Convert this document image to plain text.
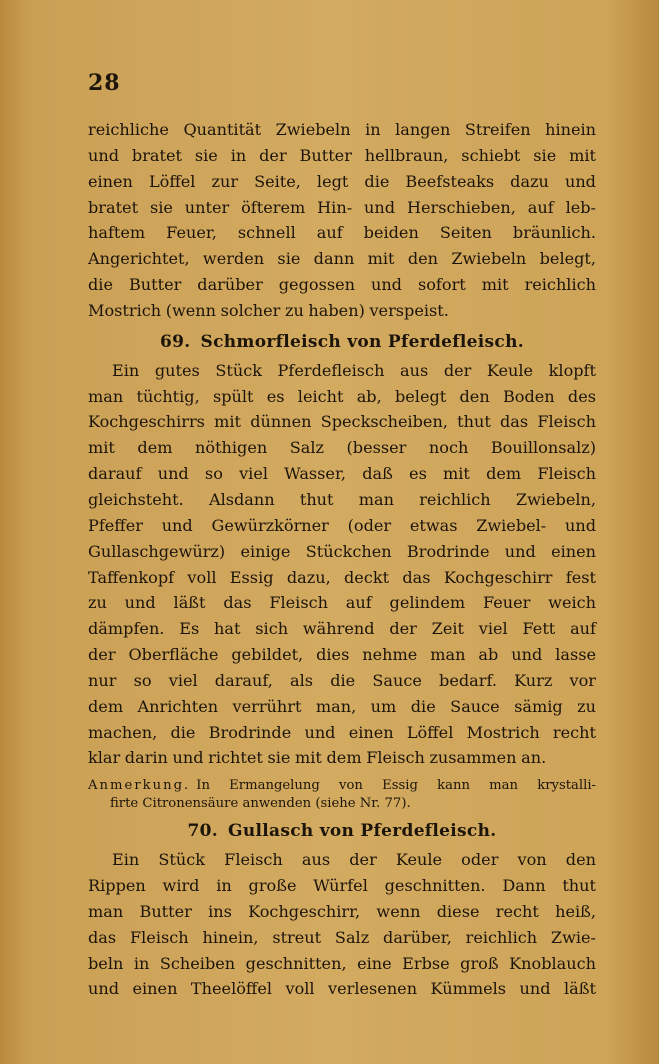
28
reichliche Quantität Zwiebeln in langen Streifen hinein
und bratet sie in der Butter hellbraun, schiebt sie mit
einen Löffel zur Seite, legt die Beefsteaks dazu und
bratet sie unter öfterem Hin- und Herschieben, auf leb-
haftem Feuer, schnell auf beiden Seiten bräunlich.
Angerichtet, werden sie dann mit den Zwiebeln belegt,
die Butter darüber gegossen und sofort mit reichlich
Mostrich (wenn solcher zu haben) verspeist.
69. Schmorfleisch von Pferdefleisch.
Ein gutes Stück Pferdefleisch aus der Keule klopft
man tüchtig, spült es leicht ab, belegt den Boden des
Kochgeschirrs mit dünnen Speckscheiben, thut das Fleisch
mit dem nöthigen Salz (besser noch Bouillonsalz)
darauf und so viel Wasser, daß es mit dem Fleisch
gleichsteht. Alsdann thut man reichlich Zwiebeln,
Pfeffer und Gewürzkörner (oder etwas Zwiebel- und
Gullaschgewürz) einige Stückchen Brodrinde und einen
Taffenkopf voll Essig dazu, deckt das Kochgeschirr fest
zu und läßt das Fleisch auf gelindem Feuer weich
dämpfen. Es hat sich während der Zeit viel Fett auf
der Oberfläche gebildet, dies nehme man ab und lasse
nur so viel darauf, als die Sauce bedarf. Kurz vor
dem Anrichten verrührt man, um die Sauce sämig zu
machen, die Brodrinde und einen Löffel Mostrich recht
klar darin und richtet sie mit dem Fleisch zusammen an.
Anmerkung. In Ermangelung von Essig kann man krystalli-
firte Citronensäure anwenden (siehe Nr. 77).
70. Gullasch von Pferdefleisch.
Ein Stück Fleisch aus der Keule oder von den
Rippen wird in große Würfel geschnitten. Dann thut
man Butter ins Kochgeschirr, wenn diese recht heiß,
das Fleisch hinein, streut Salz darüber, reichlich Zwie-
beln in Scheiben geschnitten, eine Erbse groß Knoblauch
und einen Theelöffel voll verlesenen Kümmels und läßt
